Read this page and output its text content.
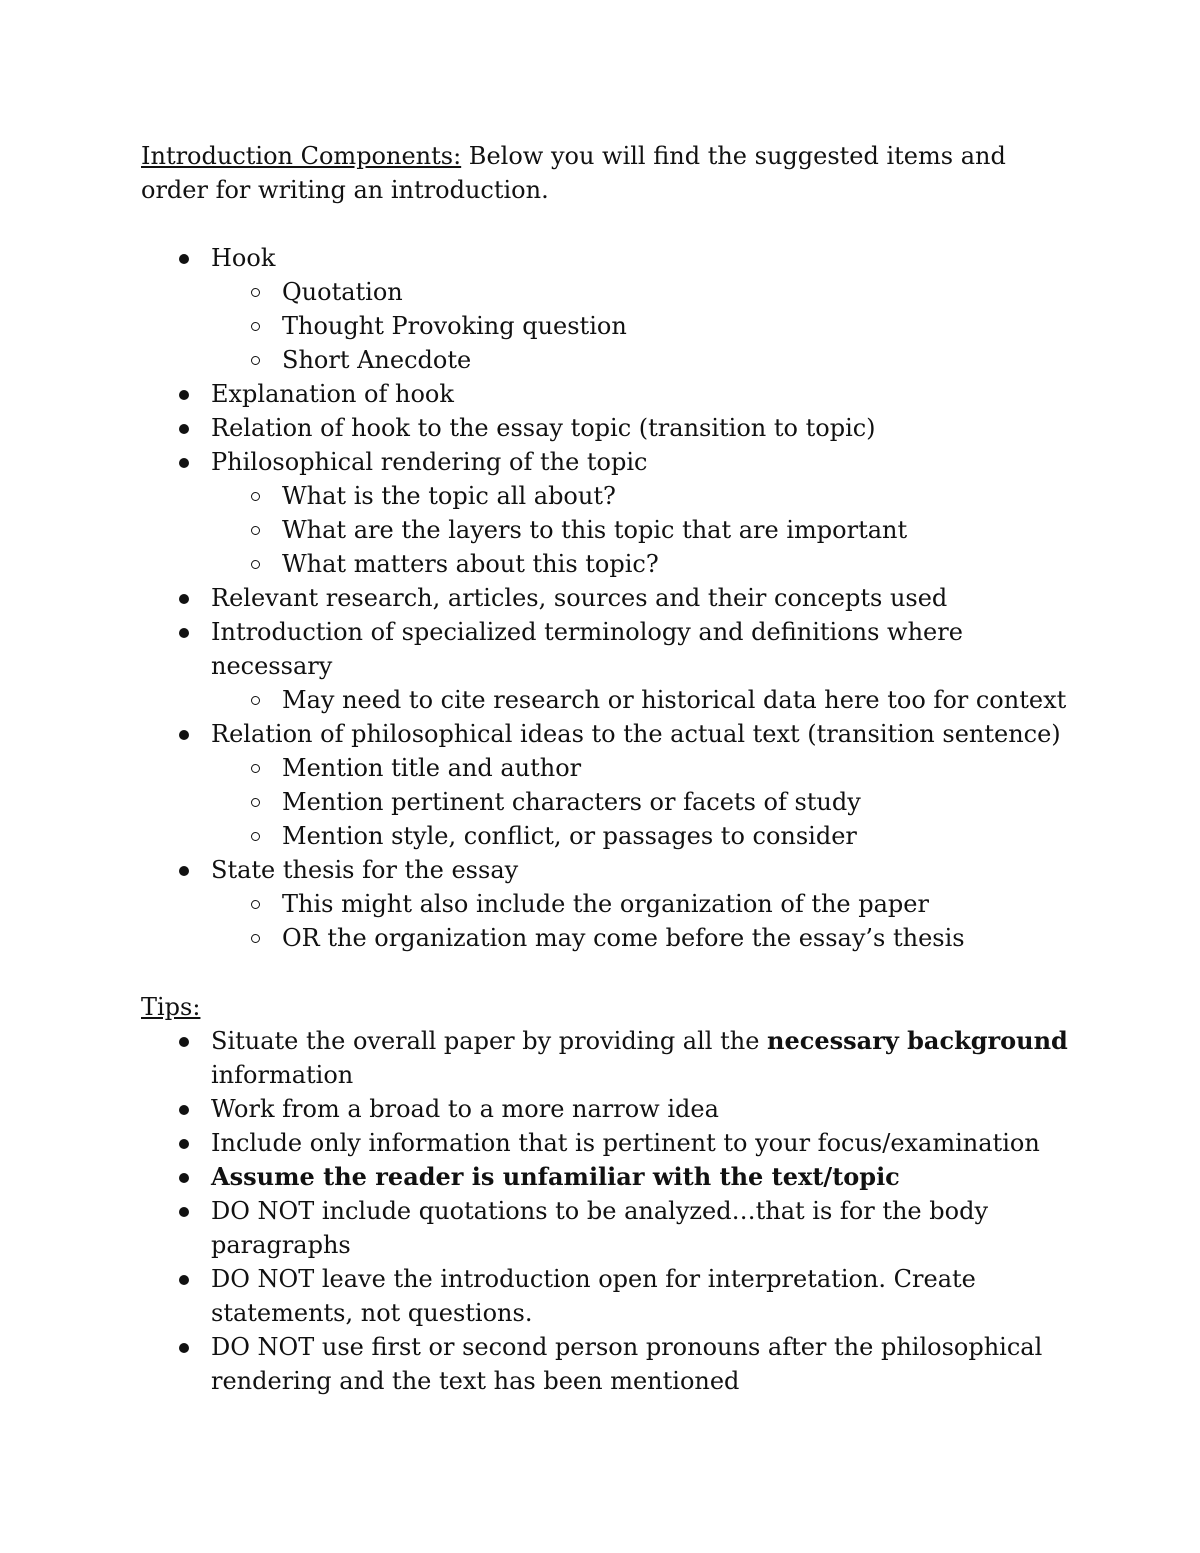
Introduction Components: Below you will find the suggested items and order for writing an introduction.

Hook
Quotation
Thought Provoking question
Short Anecdote
Explanation of hook
Relation of hook to the essay topic (transition to topic)
Philosophical rendering of the topic
What is the topic all about?
What are the layers to this topic that are important
What matters about this topic?
Relevant research, articles, sources and their concepts used
Introduction of specialized terminology and definitions where necessary
May need to cite research or historical data here too for context
Relation of philosophical ideas to the actual text (transition sentence)
Mention title and author
Mention pertinent characters or facets of study
Mention style, conflict, or passages to consider
State thesis for the essay
This might also include the organization of the paper
OR the organization may come before the essay’s thesis
Tips:
Situate the overall paper by providing all the necessary background information
Work from a broad to a more narrow idea
Include only information that is pertinent to your focus/examination
Assume the reader is unfamiliar with the text/topic
DO NOT include quotations to be analyzed…that is for the body paragraphs
DO NOT leave the introduction open for interpretation. Create statements, not questions.
DO NOT use first or second person pronouns after the philosophical rendering and the text has been mentioned
